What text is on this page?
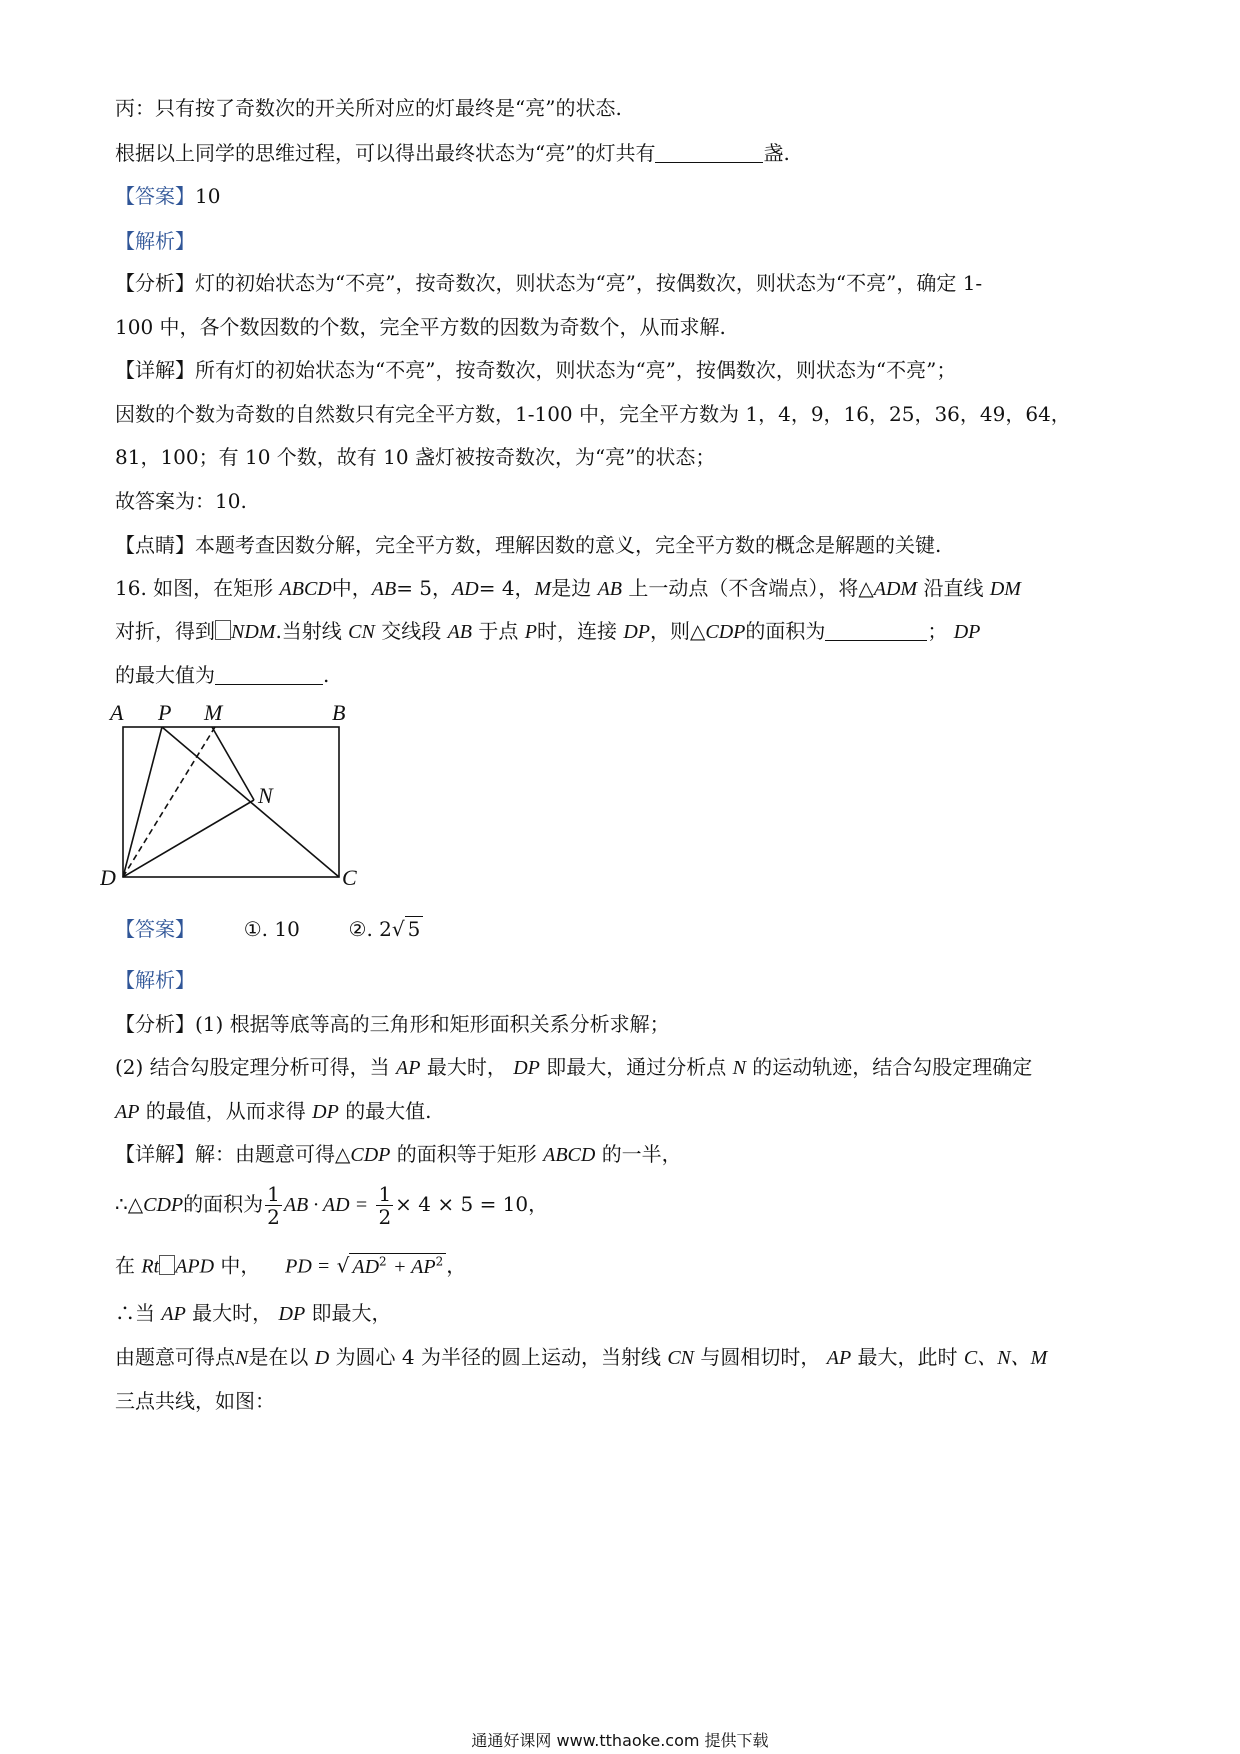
丙：只有按了奇数次的开关所对应的灯最终是“亮”的状态.
根据以上同学的思维过程，可以得出最终状态为“亮”的灯共有	盏.
【答案】10
【解析】
【分析】灯的初始状态为“不亮”，按奇数次，则状态为“亮”，按偶数次，则状态为“不亮”，确定 1-
100 中，各个数因数的个数，完全平方数的因数为奇数个，从而求解.
【详解】所有灯的初始状态为“不亮”，按奇数次，则状态为“亮”，按偶数次，则状态为“不亮”；
因数的个数为奇数的自然数只有完全平方数，1-100 中，完全平方数为 1，4，9，16，25，36，49，64，
81，100；有 10 个数，故有 10 盏灯被按奇数次，为“亮”的状态；
故答案为：10.
【点睛】本题考查因数分解，完全平方数，理解因数的意义，完全平方数的概念是解题的关键.
16. 如图，在矩形 ABCD中，AB= 5，AD= 4，M是边 AB 上一动点（不含端点），将△ADM 沿直线 DM
对折，得到 NDM.当射线 CN 交线段 AB 于点 P时，连接 DP，则△CDP的面积为	； DP
的最大值为	.
A P M	B
N
D	C
【答案】 ①. 10 ②. 2√ 5
【解析】
【分析】(1) 根据等底等高的三角形和矩形面积关系分析求解；
(2) 结合勾股定理分析可得，当 AP 最大时， DP 即最大，通过分析点 N 的运动轨迹，结合勾股定理确定
AP 的最值，从而求得 DP 的最大值.
【详解】解：由题意可得△CDP 的面积等于矩形 ABCD 的一半，
∴△CDP的面积为 $\frac{1}{2}$ AB · AD = $\frac{1}{2} \times 4 \times 5 = 10$，
在 Rt APD 中， PD = √ $AD^2 + AP^2$ ，
∴当 AP 最大时， DP 即最大，
由题意可得点N是在以 D 为圆心 4 为半径的圆上运动，当射线 CN 与圆相切时， AP 最大，此时 C、N、M
三点共线，如图：
通通好课网 www.tthaoke.com 提供下载
